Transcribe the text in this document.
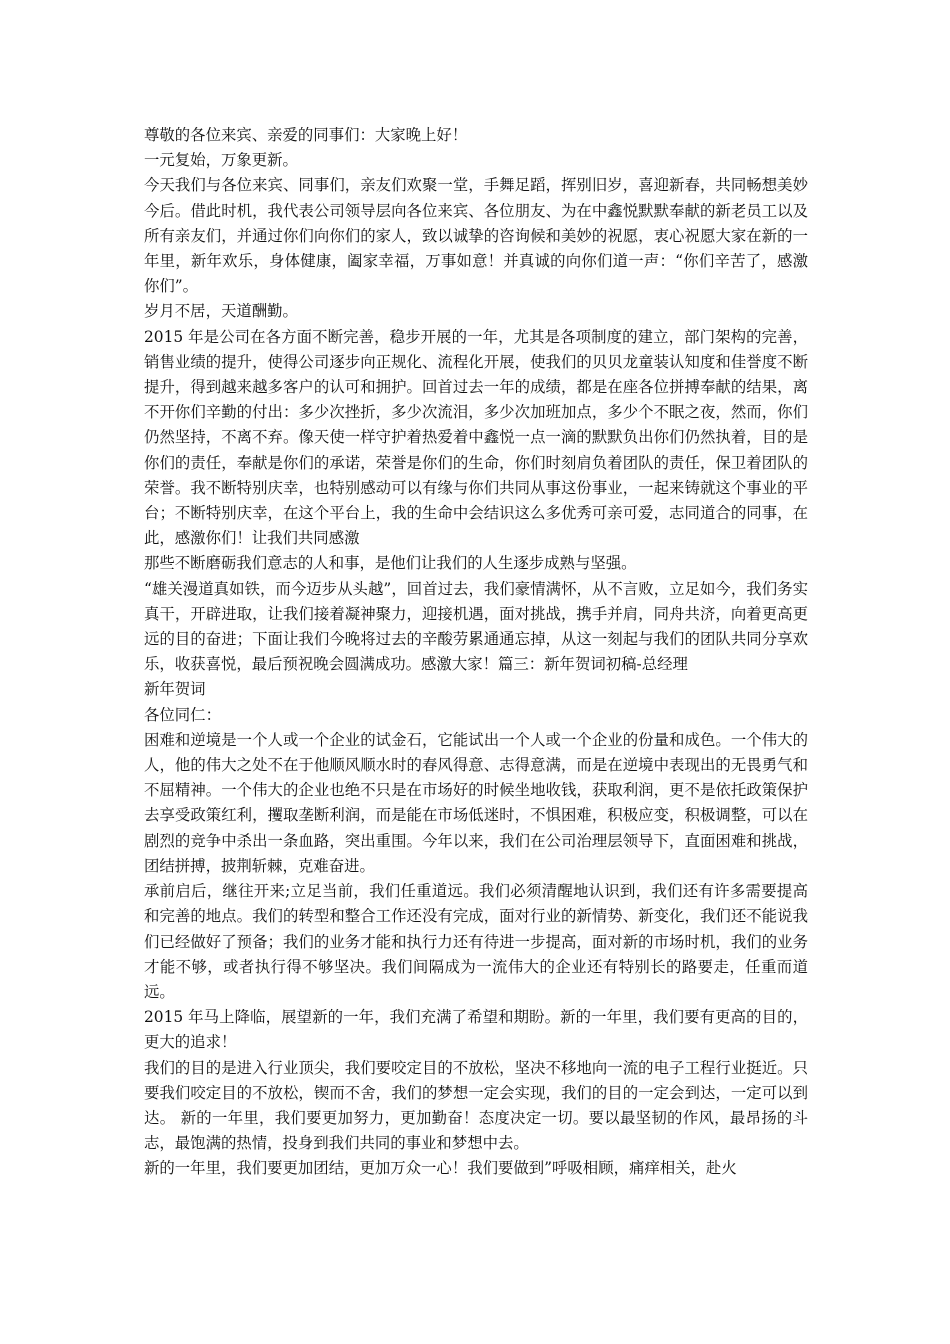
尊敬的各位来宾、亲爱的同事们：大家晚上好！

一元复始，万象更新。

今天我们与各位来宾、同事们，亲友们欢聚一堂，手舞足蹈，挥别旧岁，喜迎新春，共同畅想美妙今后。借此时机，我代表公司领导层向各位来宾、各位朋友、为在中鑫悦默默奉献的新老员工以及所有亲友们，并通过你们向你们的家人，致以诚挚的咨询候和美妙的祝愿，衷心祝愿大家在新的一年里，新年欢乐，身体健康，阖家幸福，万事如意！并真诚的向你们道一声：“你们辛苦了，感激你们”。

岁月不居，天道酬勤。

2015 年是公司在各方面不断完善，稳步开展的一年，尤其是各项制度的建立，部门架构的完善，销售业绩的提升，使得公司逐步向正规化、流程化开展，使我们的贝贝龙童装认知度和佳誉度不断提升，得到越来越多客户的认可和拥护。回首过去一年的成绩，都是在座各位拼搏奉献的结果，离不开你们辛勤的付出：多少次挫折，多少次流泪，多少次加班加点，多少个不眠之夜，然而，你们仍然坚持，不离不弃。像天使一样守护着热爱着中鑫悦一点一滴的默默负出你们仍然执着，目的是你们的责任，奉献是你们的承诺，荣誉是你们的生命，你们时刻肩负着团队的责任，保卫着团队的荣誉。我不断特别庆幸，也特别感动可以有缘与你们共同从事这份事业，一起来铸就这个事业的平台；不断特别庆幸，在这个平台上，我的生命中会结识这么多优秀可亲可爱，志同道合的同事，在此，感激你们！让我们共同感激

那些不断磨砺我们意志的人和事，是他们让我们的人生逐步成熟与坚强。

“雄关漫道真如铁，而今迈步从头越”，回首过去，我们豪情满怀，从不言败，立足如今，我们务实真干，开辟进取，让我们接着凝神聚力，迎接机遇，面对挑战，携手并肩，同舟共济，向着更高更远的目的奋进；下面让我们今晚将过去的辛酸劳累通通忘掉，从这一刻起与我们的团队共同分享欢乐，收获喜悦，最后预祝晚会圆满成功。感激大家！篇三：新年贺词初稿-总经理

新年贺词

各位同仁：

困难和逆境是一个人或一个企业的试金石，它能试出一个人或一个企业的份量和成色。一个伟大的人，他的伟大之处不在于他顺风顺水时的春风得意、志得意满，而是在逆境中表现出的无畏勇气和不屈精神。一个伟大的企业也绝不只是在市场好的时候坐地收钱，获取利润，更不是依托政策保护去享受政策红利，攫取垄断利润，而是能在市场低迷时，不惧困难，积极应变，积极调整，可以在剧烈的竞争中杀出一条血路，突出重围。今年以来，我们在公司治理层领导下，直面困难和挑战，团结拼搏，披荆斩棘，克难奋进。

承前启后，继往开来;立足当前，我们任重道远。我们必须清醒地认识到，我们还有许多需要提高和完善的地点。我们的转型和整合工作还没有完成，面对行业的新情势、新变化，我们还不能说我们已经做好了预备；我们的业务才能和执行力还有待进一步提高，面对新的市场时机，我们的业务才能不够，或者执行得不够坚决。我们间隔成为一流伟大的企业还有特别长的路要走，任重而道远。

2015 年马上降临，展望新的一年，我们充满了希望和期盼。新的一年里，我们要有更高的目的，更大的追求！

我们的目的是进入行业顶尖，我们要咬定目的不放松，坚决不移地向一流的电子工程行业挺近。只要我们咬定目的不放松，锲而不舍，我们的梦想一定会实现，我们的目的一定会到达，一定可以到达。 新的一年里，我们要更加努力，更加勤奋！态度决定一切。要以最坚韧的作风，最昂扬的斗志，最饱满的热情，投身到我们共同的事业和梦想中去。

新的一年里，我们要更加团结，更加万众一心！我们要做到”呼吸相顾，痛痒相关，赴火
